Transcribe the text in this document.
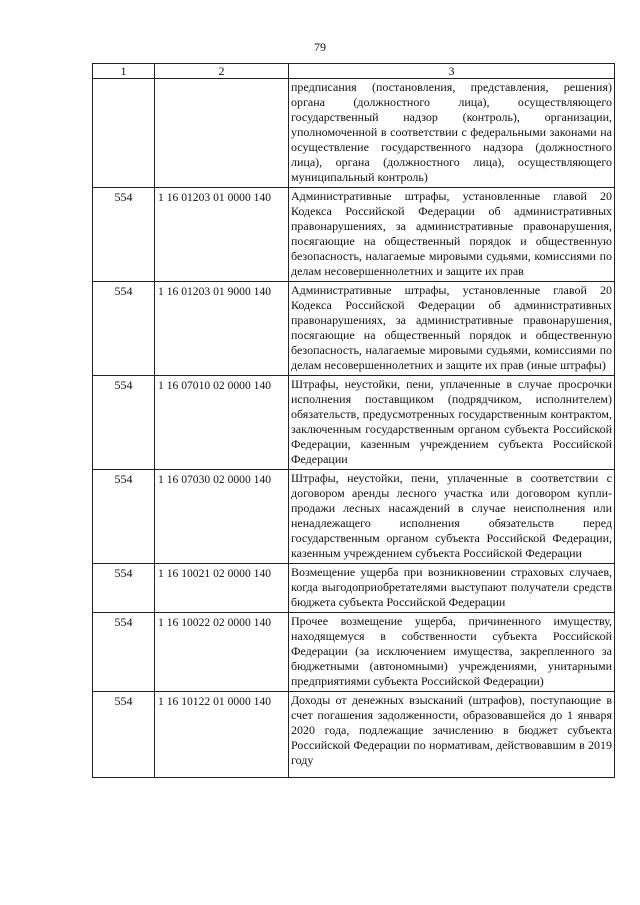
79
1	2	3
		предписания (постановления, представления, решения) органа (должностного лица), осуществляющего государственный надзор (контроль), организации, уполномоченной в соответствии с федеральными законами на осуществление государственного надзора (должностного лица), органа (должностного лица), осуществляющего муниципальный контроль)
554	1 16 01203 01 0000 140	Административные штрафы, установленные главой 20 Кодекса Российской Федерации об административных правонарушениях, за административные правонарушения, посягающие на общественный порядок и общественную безопасность, налагаемые мировыми судьями, комиссиями по делам несовершеннолетних и защите их прав
554	1 16 01203 01 9000 140	Административные штрафы, установленные главой 20 Кодекса Российской Федерации об административных правонарушениях, за административные правонарушения, посягающие на общественный порядок и общественную безопасность, налагаемые мировыми судьями, комиссиями по делам несовершеннолетних и защите их прав (иные штрафы)
554	1 16 07010 02 0000 140	Штрафы, неустойки, пени, уплаченные в случае просрочки исполнения поставщиком (подрядчиком, исполнителем) обязательств, предусмотренных государственным контрактом, заключенным государственным органом субъекта Российской Федерации, казенным учреждением субъекта Российской Федерации
554	1 16 07030 02 0000 140	Штрафы, неустойки, пени, уплаченные в соответствии с договором аренды лесного участка или договором купли-продажи лесных насаждений в случае неисполнения или ненадлежащего исполнения обязательств перед государственным органом субъекта Российской Федерации, казенным учреждением субъекта Российской Федерации
554	1 16 10021 02 0000 140	Возмещение ущерба при возникновении страховых случаев, когда выгодоприобретателями выступают получатели средств бюджета субъекта Российской Федерации
554	1 16 10022 02 0000 140	Прочее возмещение ущерба, причиненного имуществу, находящемуся в собственности субъекта Российской Федерации (за исключением имущества, закрепленного за бюджетными (автономными) учреждениями, унитарными предприятиями субъекта Российской Федерации)
554	1 16 10122 01 0000 140	Доходы от денежных взысканий (штрафов), поступающие в счет погашения задолженности, образовавшейся до 1 января 2020 года, подлежащие зачислению в бюджет субъекта Российской Федерации по нормативам, действовавшим в 2019 году
